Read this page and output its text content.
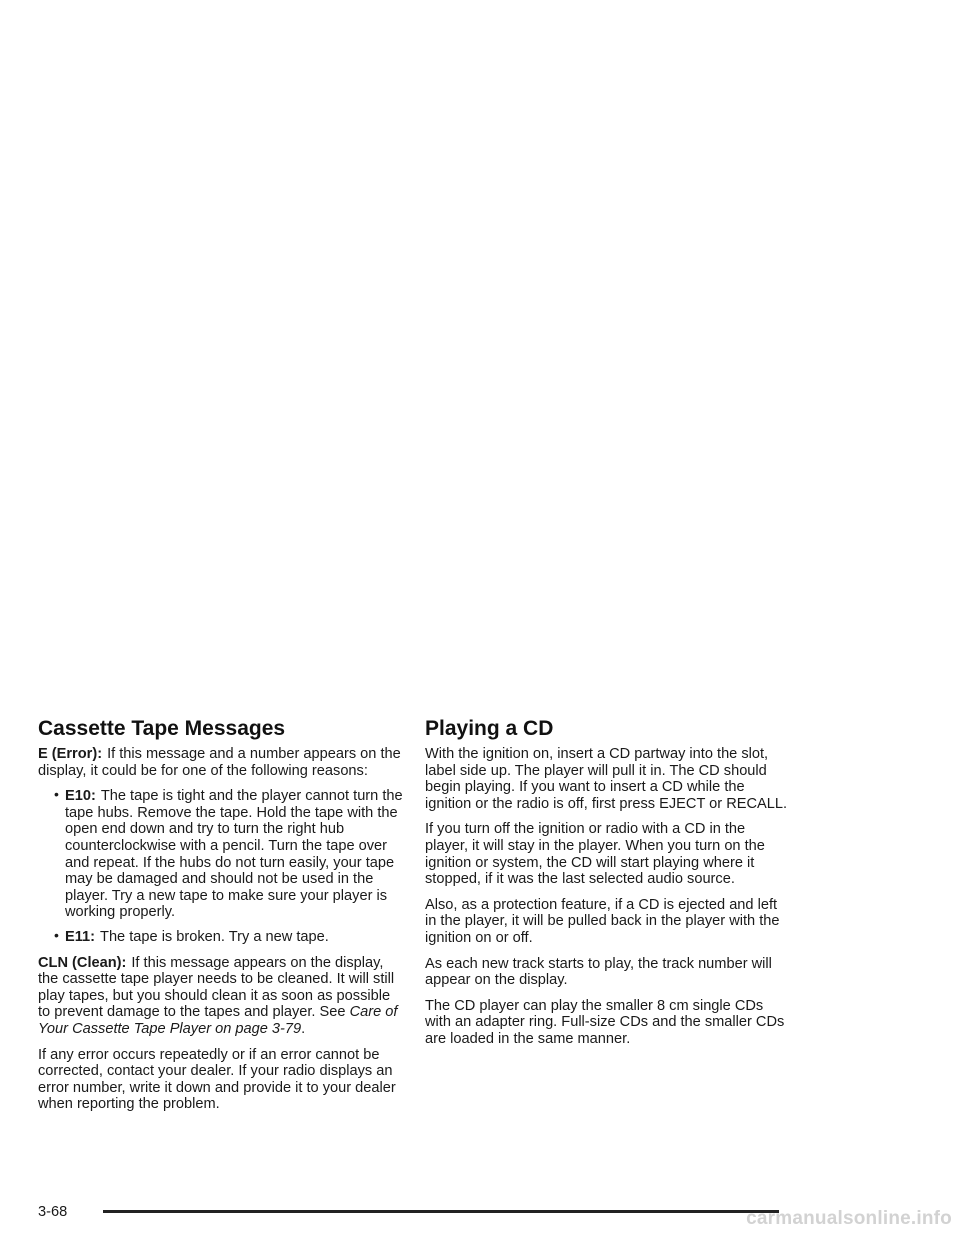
Cassette Tape Messages

E (Error): If this message and a number appears on the display, it could be for one of the following reasons:

• E10: The tape is tight and the player cannot turn the tape hubs. Remove the tape. Hold the tape with the open end down and try to turn the right hub counterclockwise with a pencil. Turn the tape over and repeat. If the hubs do not turn easily, your tape may be damaged and should not be used in the player. Try a new tape to make sure your player is working properly.
• E11: The tape is broken. Try a new tape.

CLN (Clean): If this message appears on the display, the cassette tape player needs to be cleaned. It will still play tapes, but you should clean it as soon as possible to prevent damage to the tapes and player. See Care of Your Cassette Tape Player on page 3-79.

If any error occurs repeatedly or if an error cannot be corrected, contact your dealer. If your radio displays an error number, write it down and provide it to your dealer when reporting the problem.

Playing a CD

With the ignition on, insert a CD partway into the slot, label side up. The player will pull it in. The CD should begin playing. If you want to insert a CD while the ignition or the radio is off, first press EJECT or RECALL.

If you turn off the ignition or radio with a CD in the player, it will stay in the player. When you turn on the ignition or system, the CD will start playing where it stopped, if it was the last selected audio source.

Also, as a protection feature, if a CD is ejected and left in the player, it will be pulled back in the player with the ignition on or off.

As each new track starts to play, the track number will appear on the display.

The CD player can play the smaller 8 cm single CDs with an adapter ring. Full-size CDs and the smaller CDs are loaded in the same manner.

3-68	carmanualsonline.info
